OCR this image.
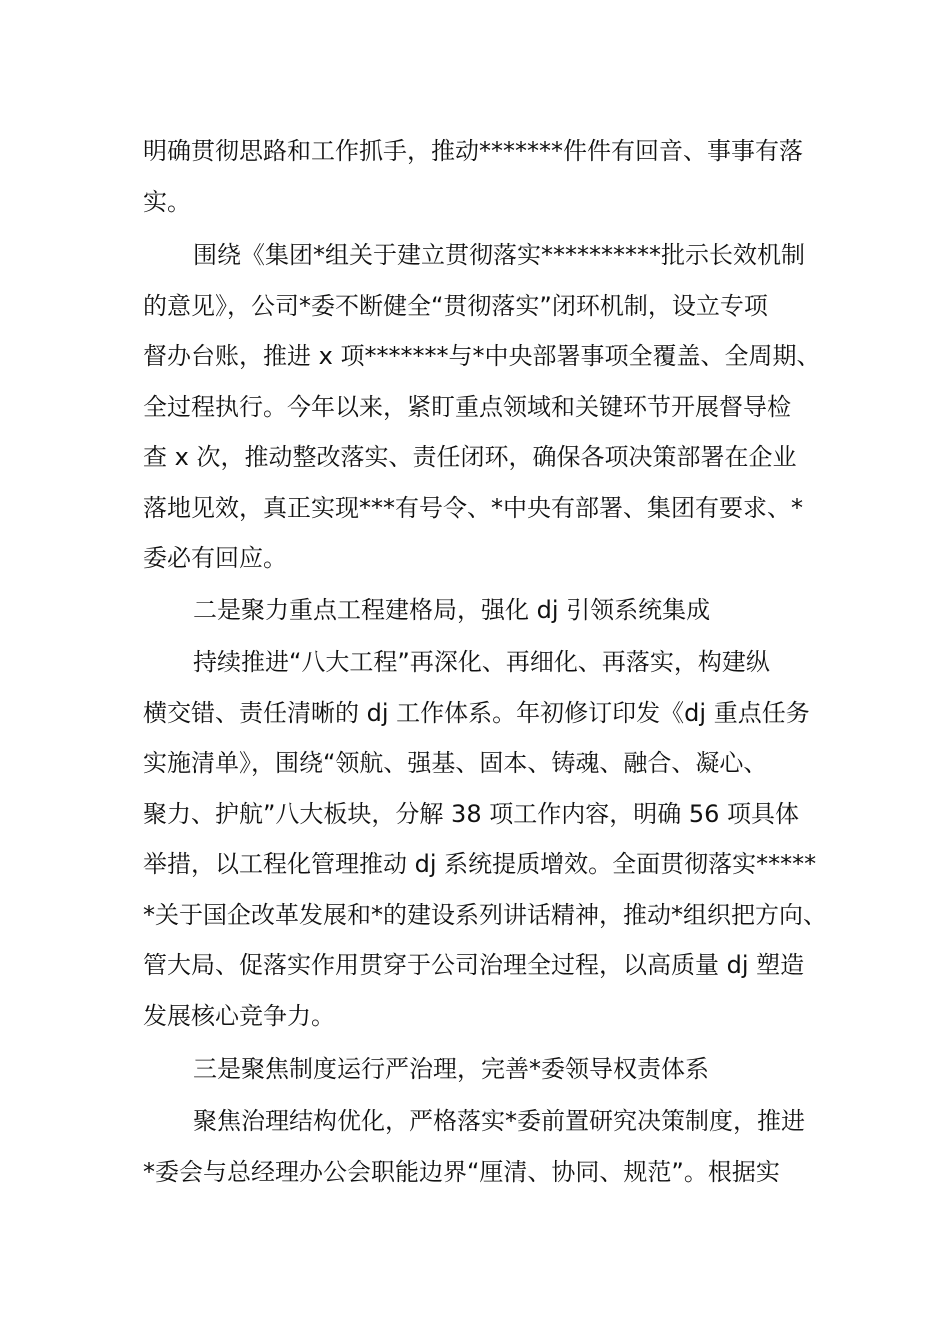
明确贯彻思路和工作抓手，推动*******件件有回音、事事有落
实。
围绕《集团*组关于建立贯彻落实**********批示长效机制
的意见》，公司*委不断健全“贯彻落实”闭环机制，设立专项
督办台账，推进 x 项*******与*中央部署事项全覆盖、全周期、
全过程执行。今年以来，紧盯重点领域和关键环节开展督导检
查 x 次，推动整改落实、责任闭环，确保各项决策部署在企业
落地见效，真正实现***有号令、*中央有部署、集团有要求、*
委必有回应。
二是聚力重点工程建格局，强化 dj 引领系统集成
持续推进“八大工程”再深化、再细化、再落实，构建纵
横交错、责任清晰的 dj 工作体系。年初修订印发《dj 重点任务
实施清单》，围绕“领航、强基、固本、铸魂、融合、凝心、
聚力、护航”八大板块，分解 38 项工作内容，明确 56 项具体
举措，以工程化管理推动 dj 系统提质增效。全面贯彻落实*****
*关于国企改革发展和*的建设系列讲话精神，推动*组织把方向、
管大局、促落实作用贯穿于公司治理全过程，以高质量 dj 塑造
发展核心竞争力。
三是聚焦制度运行严治理，完善*委领导权责体系
聚焦治理结构优化，严格落实*委前置研究决策制度，推进
*委会与总经理办公会职能边界“厘清、协同、规范”。根据实
